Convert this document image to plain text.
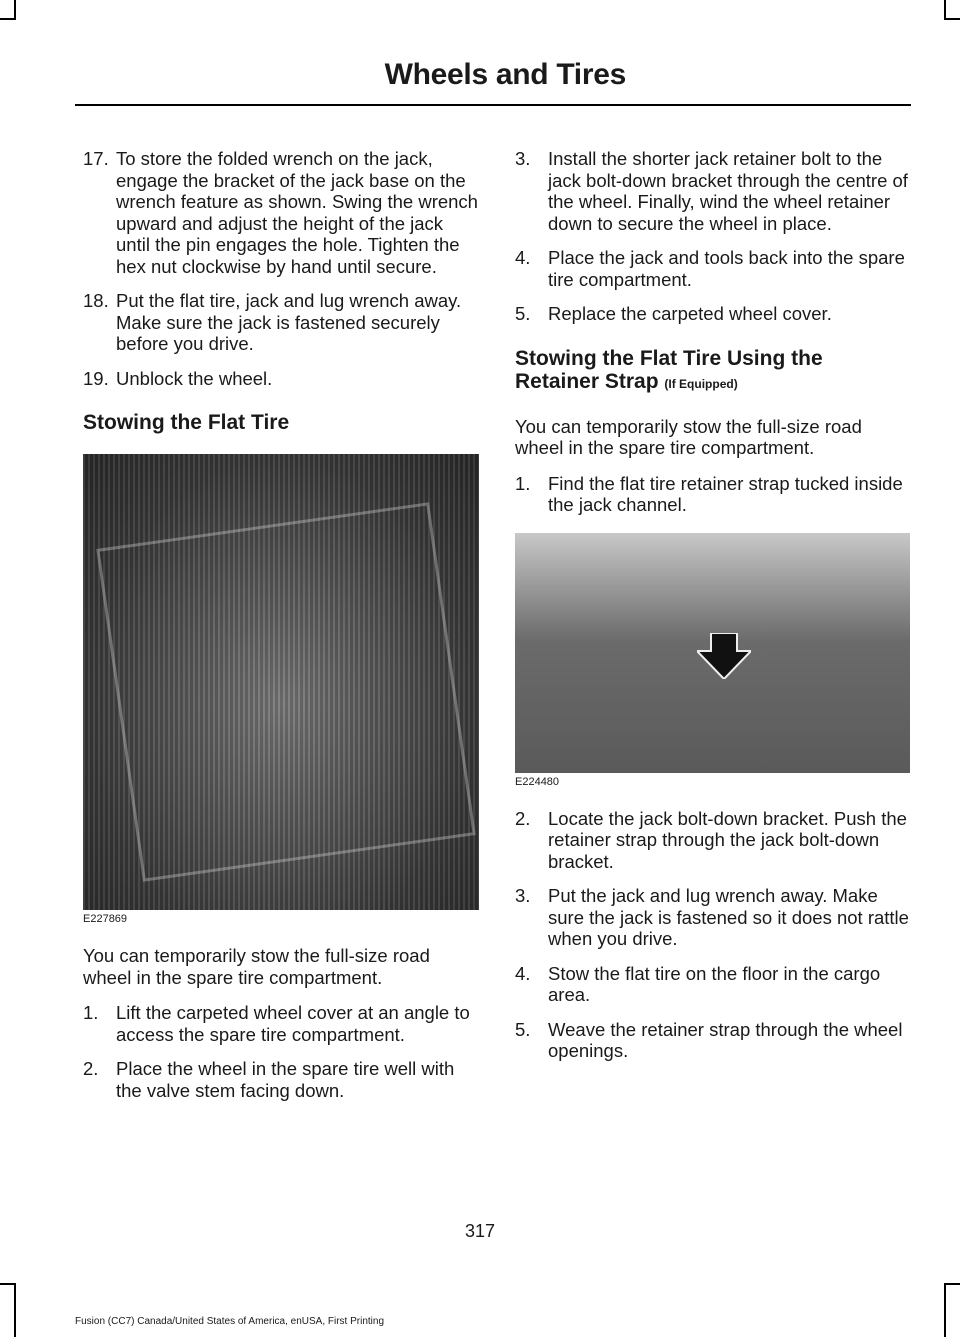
Wheels and Tires
17. To store the folded wrench on the jack, engage the bracket of the jack base on the wrench feature as shown. Swing the wrench upward and adjust the height of the jack until the pin engages the hole. Tighten the hex nut clockwise by hand until secure.
18. Put the flat tire, jack and lug wrench away. Make sure the jack is fastened securely before you drive.
19. Unblock the wheel.
Stowing the Flat Tire
E227869
You can temporarily stow the full-size road wheel in the spare tire compartment.
1. Lift the carpeted wheel cover at an angle to access the spare tire compartment.
2. Place the wheel in the spare tire well with the valve stem facing down.
3. Install the shorter jack retainer bolt to the jack bolt-down bracket through the centre of the wheel. Finally, wind the wheel retainer down to secure the wheel in place.
4. Place the jack and tools back into the spare tire compartment.
5. Replace the carpeted wheel cover.
Stowing the Flat Tire Using the Retainer Strap (If Equipped)
You can temporarily stow the full-size road wheel in the spare tire compartment.
1. Find the flat tire retainer strap tucked inside the jack channel.
E224480
2. Locate the jack bolt-down bracket. Push the retainer strap through the jack bolt-down bracket.
3. Put the jack and lug wrench away. Make sure the jack is fastened so it does not rattle when you drive.
4. Stow the flat tire on the floor in the cargo area.
5. Weave the retainer strap through the wheel openings.
317
Fusion (CC7) Canada/United States of America, enUSA, First Printing
